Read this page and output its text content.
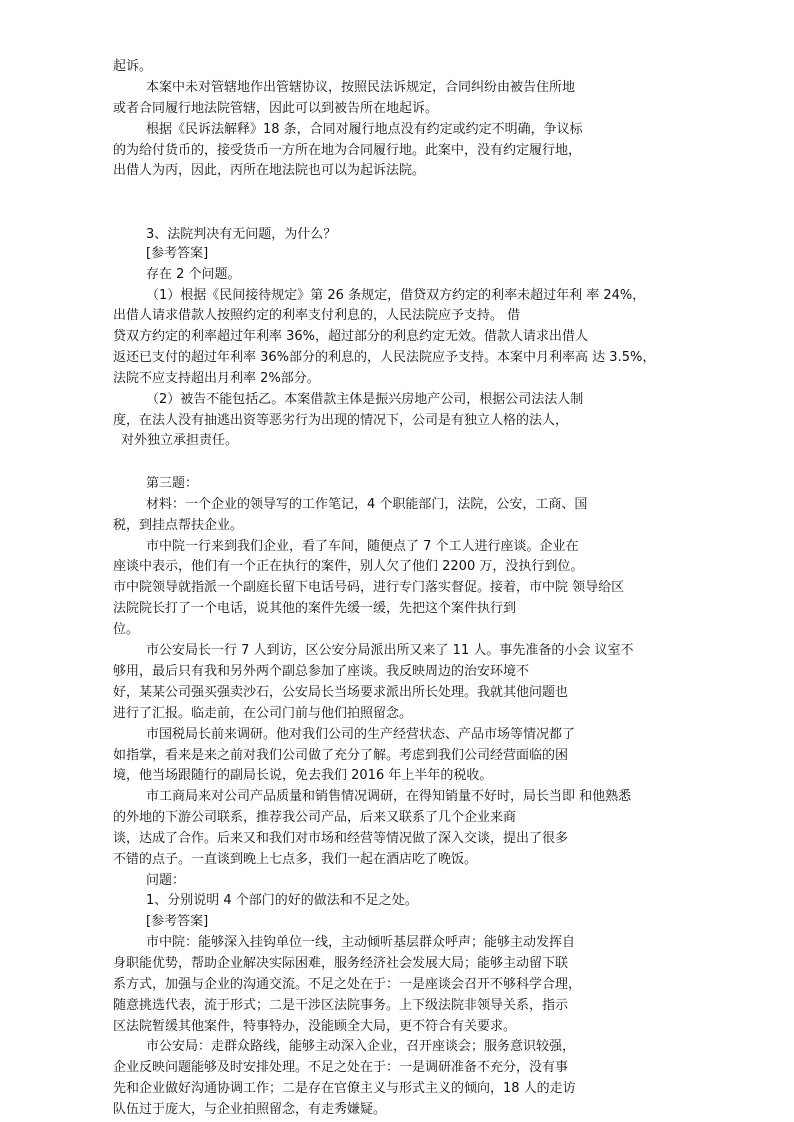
起诉。
本案中未对管辖地作出管辖协议，按照民法诉规定，合同纠纷由被告住所地
或者合同履行地法院管辖，因此可以到被告所在地起诉。
根据《民诉法解释》18 条，合同对履行地点没有约定或约定不明确，争议标
的为给付货币的，接受货币一方所在地为合同履行地。此案中，没有约定履行地，
出借人为丙，因此，丙所在地法院也可以为起诉法院。
3、法院判决有无问题，为什么？
[参考答案]
存在 2 个问题。
（1）根据《民间接待规定》第 26 条规定，借贷双方约定的利率未超过年利 率 24%，
出借人请求借款人按照约定的利率支付利息的，人民法院应予支持。 借
贷双方约定的利率超过年利率 36%，超过部分的利息约定无效。借款人请求出借人
返还已支付的超过年利率 36%部分的利息的，人民法院应予支持。本案中月利率高 达 3.5%，
法院不应支持超出月利率 2%部分。
（2）被告不能包括乙。本案借款主体是振兴房地产公司，根据公司法法人制
度，在法人没有抽逃出资等恶劣行为出现的情况下，公司是有独立人格的法人，
对外独立承担责任。
第三题：
材料：一个企业的领导写的工作笔记，4 个职能部门，法院，公安，工商、国
税，到挂点帮扶企业。
市中院一行来到我们企业，看了车间，随便点了 7 个工人进行座谈。企业在
座谈中表示，他们有一个正在执行的案件，别人欠了他们 2200 万，没执行到位。
市中院领导就指派一个副庭长留下电话号码，进行专门落实督促。接着，市中院 领导给区
法院院长打了一个电话，说其他的案件先缓一缓，先把这个案件执行到
位。
市公安局长一行 7 人到访，区公安分局派出所又来了 11 人。事先准备的小会 议室不
够用，最后只有我和另外两个副总参加了座谈。我反映周边的治安环境不
好，某某公司强买强卖沙石，公安局长当场要求派出所长处理。我就其他问题也
进行了汇报。临走前，在公司门前与他们拍照留念。
市国税局长前来调研。他对我们公司的生产经营状态、产品市场等情况都了
如指掌，看来是来之前对我们公司做了充分了解。考虑到我们公司经营面临的困
境，他当场跟随行的副局长说，免去我们 2016 年上半年的税收。
市工商局来对公司产品质量和销售情况调研，在得知销量不好时，局长当即 和他熟悉
的外地的下游公司联系，推荐我公司产品，后来又联系了几个企业来商
谈，达成了合作。后来又和我们对市场和经营等情况做了深入交谈，提出了很多
不错的点子。一直谈到晚上七点多，我们一起在酒店吃了晚饭。
问题：
1、分别说明 4 个部门的好的做法和不足之处。
[参考答案]
市中院：能够深入挂钩单位一线，主动倾听基层群众呼声；能够主动发挥自
身职能优势，帮助企业解决实际困难，服务经济社会发展大局；能够主动留下联
系方式，加强与企业的沟通交流。不足之处在于：一是座谈会召开不够科学合理，
随意挑选代表，流于形式；二是干涉区法院事务。上下级法院非领导关系，指示
区法院暂缓其他案件，特事特办，没能顾全大局，更不符合有关要求。
市公安局：走群众路线，能够主动深入企业，召开座谈会；服务意识较强，
企业反映问题能够及时安排处理。不足之处在于：一是调研准备不充分，没有事
先和企业做好沟通协调工作；二是存在官僚主义与形式主义的倾向，18 人的走访
队伍过于庞大，与企业拍照留念，有走秀嫌疑。
